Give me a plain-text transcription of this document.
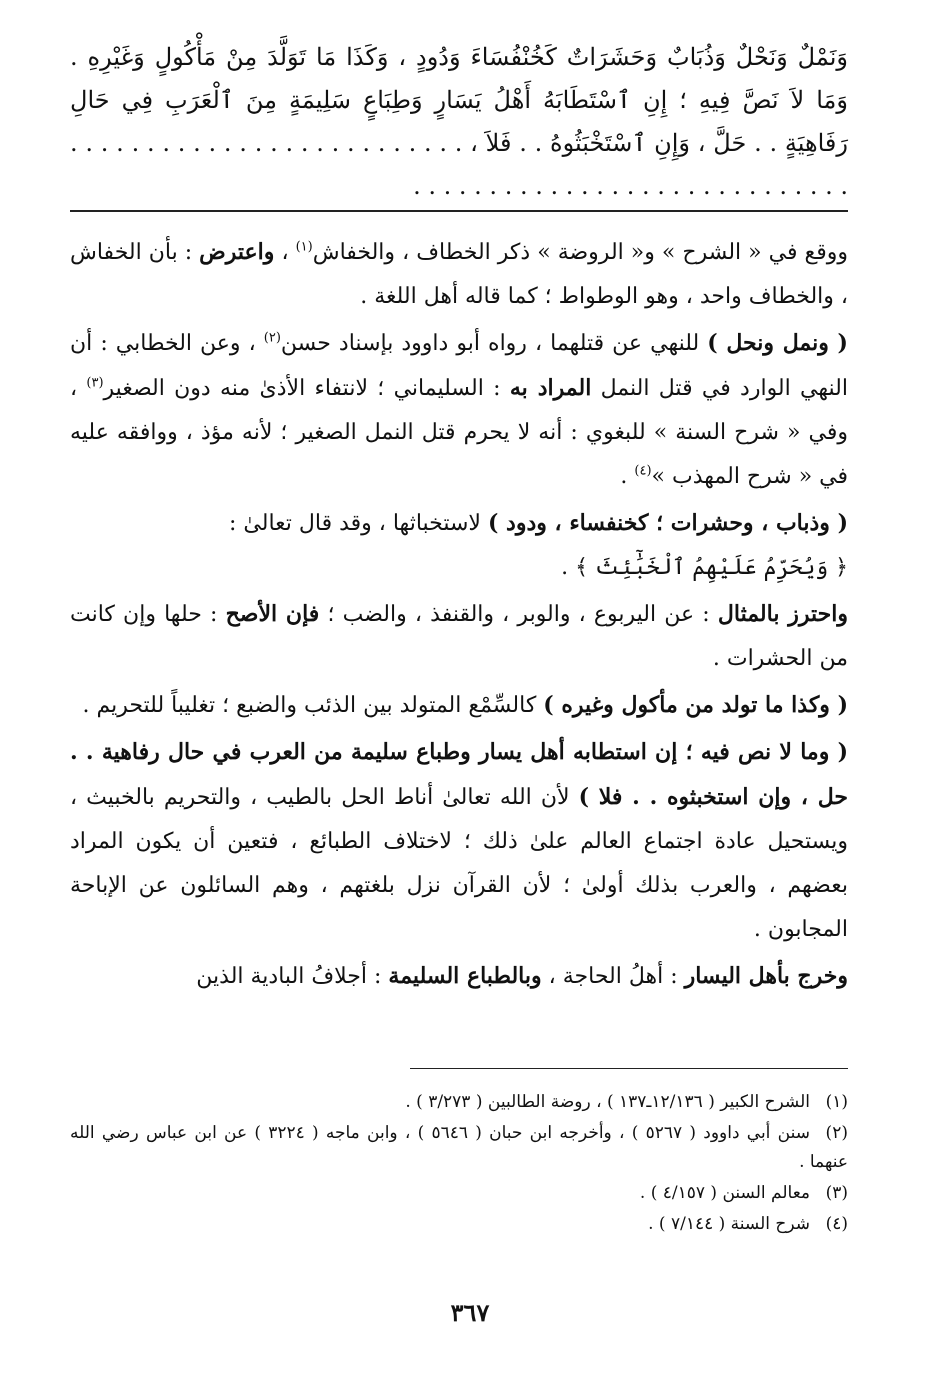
وَنَمْلٌ وَنَحْلٌ وَذُبَابٌ وَحَشَرَاتٌ كَخُنْفُسَاءَ وَدُودٍ ، وَكَذَا مَا تَوَلَّدَ مِنْ مَأْكُولٍ وَغَيْرِهِ . وَمَا لاَ نَصَّ فِيهِ ؛ إِنِ ٱسْتَطَابَهُ أَهْلُ يَسَارٍ وَطِبَاعٍ سَلِيمَةٍ مِنَ ٱلْعَرَبِ فِي حَالِ رَفَاهِيَةٍ . . حَلَّ ، وَإِنِ ٱسْتَخْبَثُوهُ . . فَلاَ ، . . . . . . . . . . . . . . . . . . . . . . . . . . . . . . . . . . . . . . . . . . . . . . . . . . . . . . .

ووقع في « الشرح » و« الروضة » ذكر الخطاف ، والخفاش$^{(١)}$ ، واعترض : بأن الخفاش ، والخطاف واحد ، وهو الوطواط ؛ كما قاله أهل اللغة .

( ونمل ونحل ) للنهي عن قتلهما ، رواه أبو داوود بإسناد حسن$^{(٢)}$ ، وعن الخطابي : أن النهي الوارد في قتل النمل المراد به : السليماني ؛ لانتفاء الأذىٰ منه دون الصغير$^{(٣)}$ ، وفي « شرح السنة » للبغوي : أنه لا يحرم قتل النمل الصغير ؛ لأنه مؤذ ، ووافقه عليه في « شرح المهذب »$^{(٤)}$ .

( وذباب ، وحشرات ؛ كخنفساء ، ودود ) لاستخباثها ، وقد قال تعالىٰ :
﴿ وَيُحَرِّمُ عَلَيْهِمُ ٱلْخَبَٰٓئِثَ ﴾ .

واحترز بالمثال : عن اليربوع ، والوبر ، والقنفذ ، والضب ؛ فإن الأصح : حلها وإن كانت من الحشرات .

( وكذا ما تولد من مأكول وغيره ) كالسِّمْع المتولد بين الذئب والضبع ؛ تغليباً للتحريم .

( وما لا نص فيه ؛ إن استطابه أهل يسار وطباع سليمة من العرب في حال رفاهية . . حل ، وإن استخبثوه . . فلا ) لأن الله تعالىٰ أناط الحل بالطيب ، والتحريم بالخبيث ، ويستحيل عادة اجتماع العالم علىٰ ذلك ؛ لاختلاف الطبائع ، فتعين أن يكون المراد بعضهم ، والعرب بذلك أولىٰ ؛ لأن القرآن نزل بلغتهم ، وهم السائلون عن الإباحة المجابون .

وخرج بأهل اليسار : أهلُ الحاجة ، وبالطباع السليمة : أجلافُ البادية الذين

(١)الشرح الكبير ( ١٢/١٣٦ـ١٣٧ ) ، روضة الطالبين ( ٣/٢٧٣ ) .
(٢)سنن أبي داوود ( ٥٢٦٧ ) ، وأخرجه ابن حبان ( ٥٦٤٦ ) ، وابن ماجه ( ٣٢٢٤ ) عن ابن عباس رضي الله عنهما .
(٣)معالم السنن ( ٤/١٥٧ ) .
(٤)شرح السنة ( ٧/١٤٤ ) .
٣٦٧
